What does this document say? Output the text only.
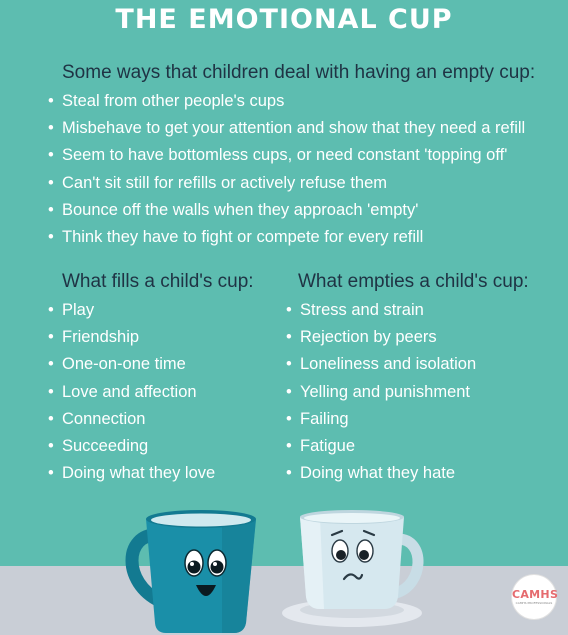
THE EMOTIONAL CUP
Some ways that children deal with having an empty cup:
• Steal from other people's cups
• Misbehave to get your attention and show that they need a refill
• Seem to have bottomless cups, or need constant 'topping off'
• Can't sit still for refills or actively refuse them
• Bounce off the walls when they approach 'empty'
• Think they have to fight or compete for every refill
What fills a child's cup:
• Play
• Friendship
• One-on-one time
• Love and affection
• Connection
• Succeeding
• Doing what they love
What empties a child's cup:
• Stress and strain
• Rejection by peers
• Loneliness and isolation
• Yelling and punishment
• Failing
• Fatigue
• Doing what they hate
CAMHS
CAMHS PROFESSIONALS
